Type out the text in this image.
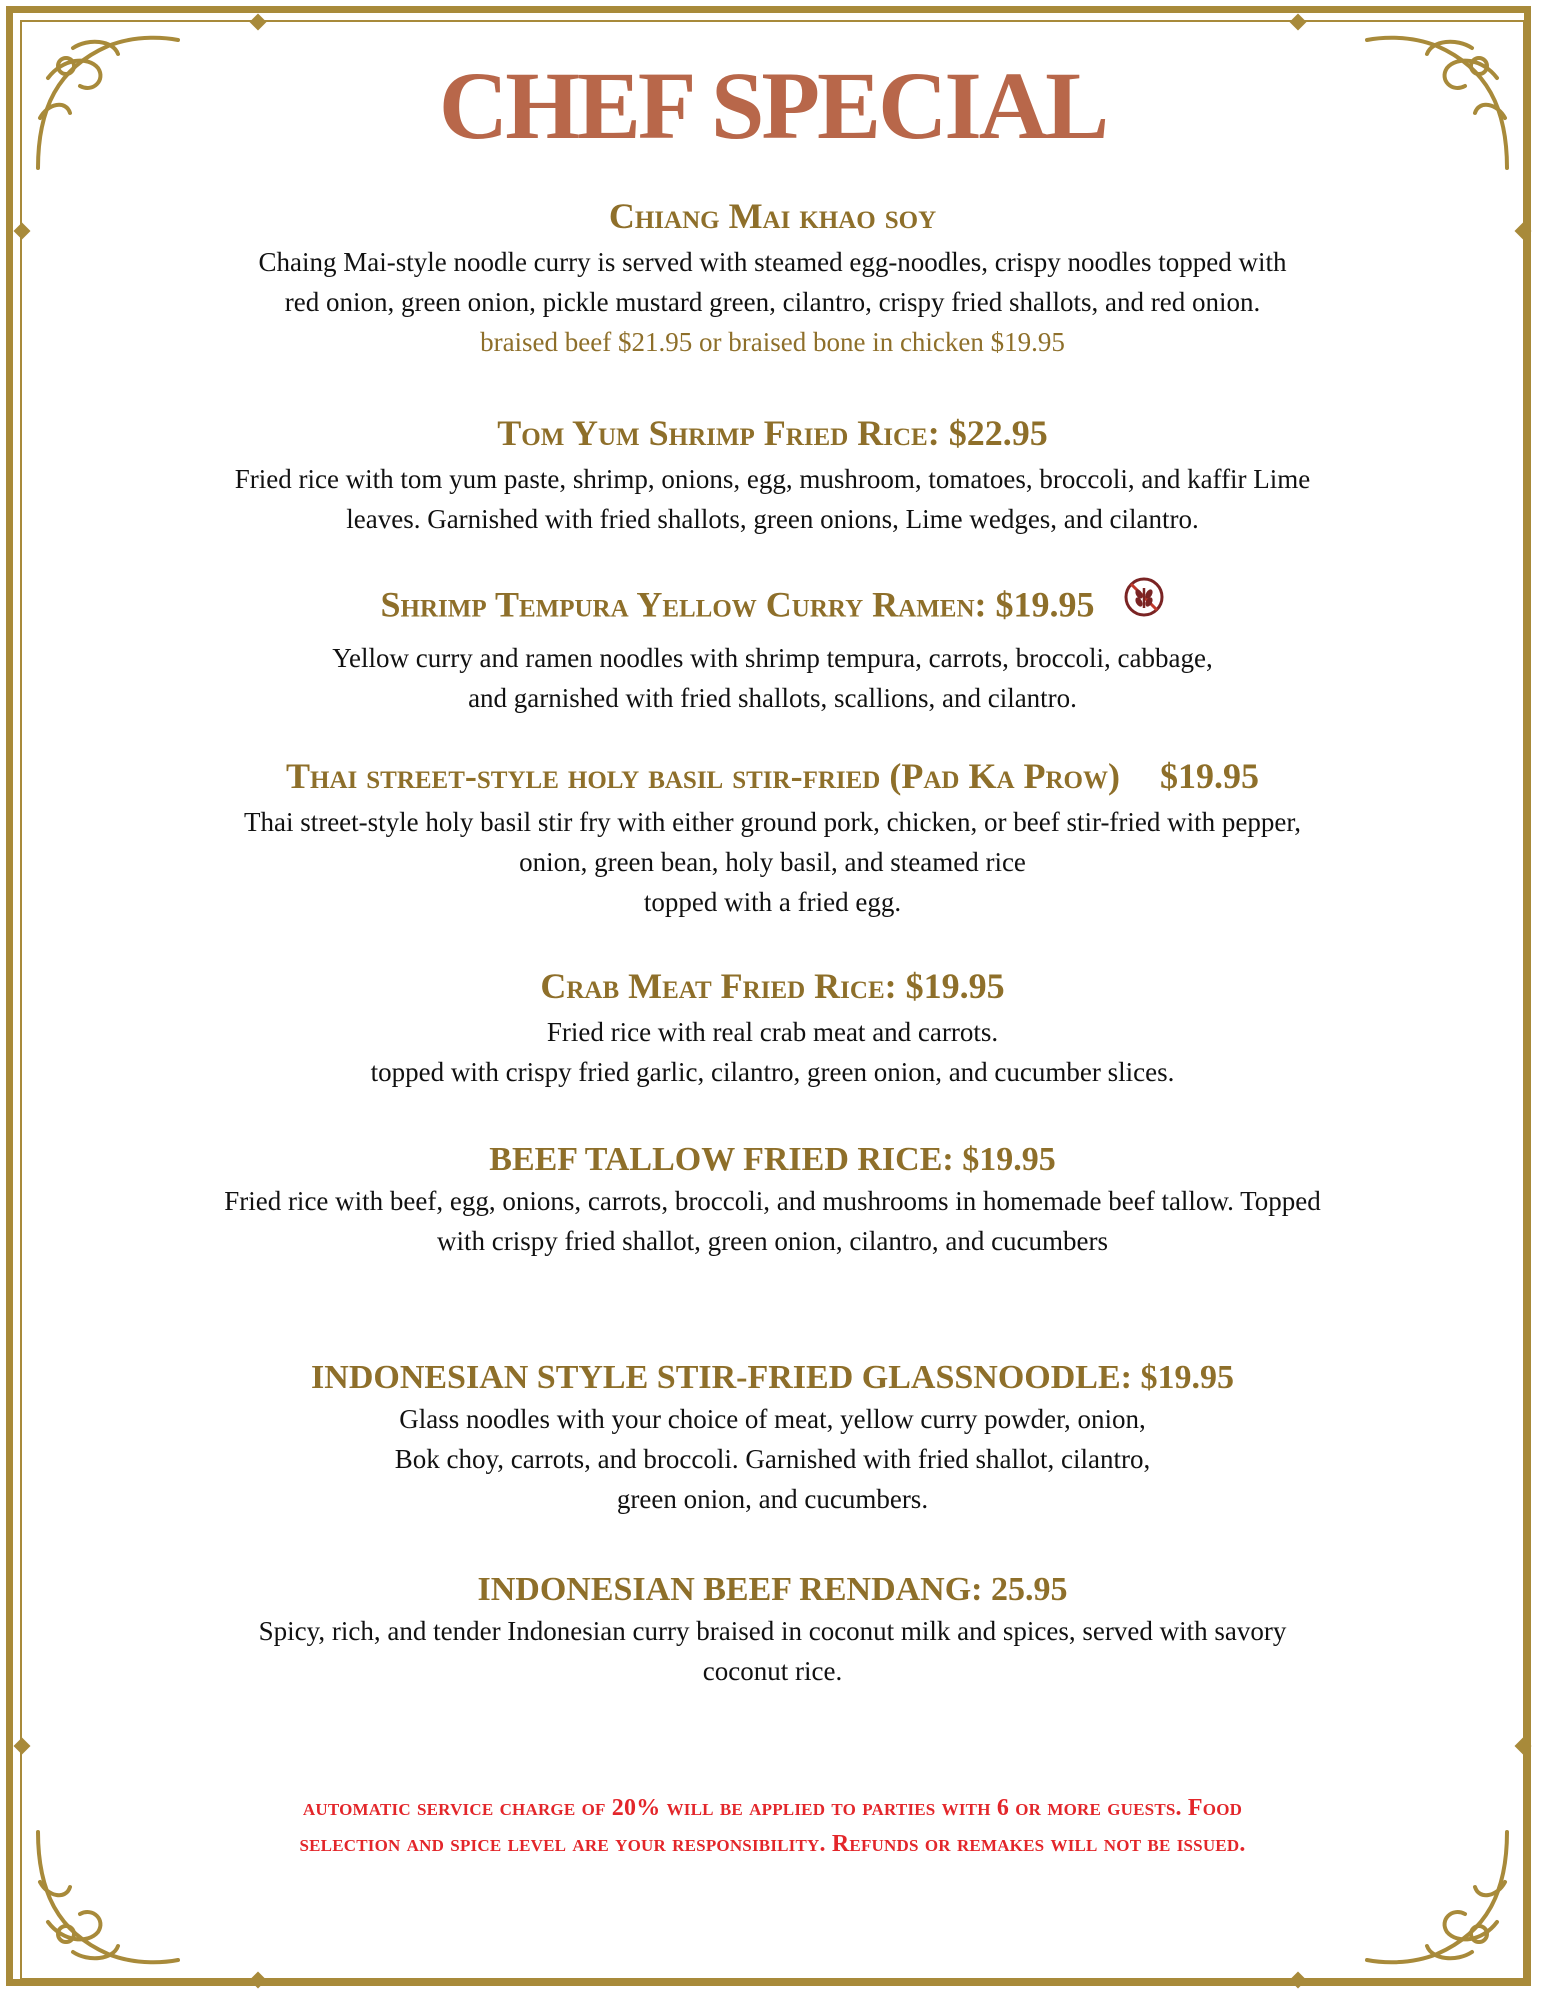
CHEF SPECIAL
Chiang Mai khao soy
Chaing Mai-style noodle curry is served with steamed egg-noodles, crispy noodles topped with
red onion, green onion, pickle mustard green, cilantro, crispy fried shallots, and red onion.
braised beef $21.95 or braised bone in chicken $19.95
Tom Yum Shrimp Fried Rice: $22.95
Fried rice with tom yum paste, shrimp, onions, egg, mushroom, tomatoes, broccoli, and kaffir Lime
leaves. Garnished with fried shallots, green onions, Lime wedges, and cilantro.
Shrimp Tempura Yellow Curry Ramen: $19.95
Yellow curry and ramen noodles with shrimp tempura, carrots, broccoli, cabbage,
and garnished with fried shallots, scallions, and cilantro.
Thai street-style holy basil stir-fried (Pad Ka Prow) $19.95
Thai street-style holy basil stir fry with either ground pork, chicken, or beef stir-fried with pepper,
onion, green bean, holy basil, and steamed rice
topped with a fried egg.
Crab Meat Fried Rice: $19.95
Fried rice with real crab meat and carrots.
topped with crispy fried garlic, cilantro, green onion, and cucumber slices.
BEEF TALLOW FRIED RICE: $19.95
Fried rice with beef, egg, onions, carrots, broccoli, and mushrooms in homemade beef tallow. Topped
with crispy fried shallot, green onion, cilantro, and cucumbers
INDONESIAN STYLE STIR-FRIED GLASSNOODLE: $19.95
Glass noodles with your choice of meat, yellow curry powder, onion,
Bok choy, carrots, and broccoli. Garnished with fried shallot, cilantro,
green onion, and cucumbers.
INDONESIAN BEEF RENDANG: 25.95
Spicy, rich, and tender Indonesian curry braised in coconut milk and spices, served with savory
coconut rice.
automatic service charge of 20% will be applied to parties with 6 or more guests. Food
selection and spice level are your responsibility. Refunds or remakes will not be issued.
